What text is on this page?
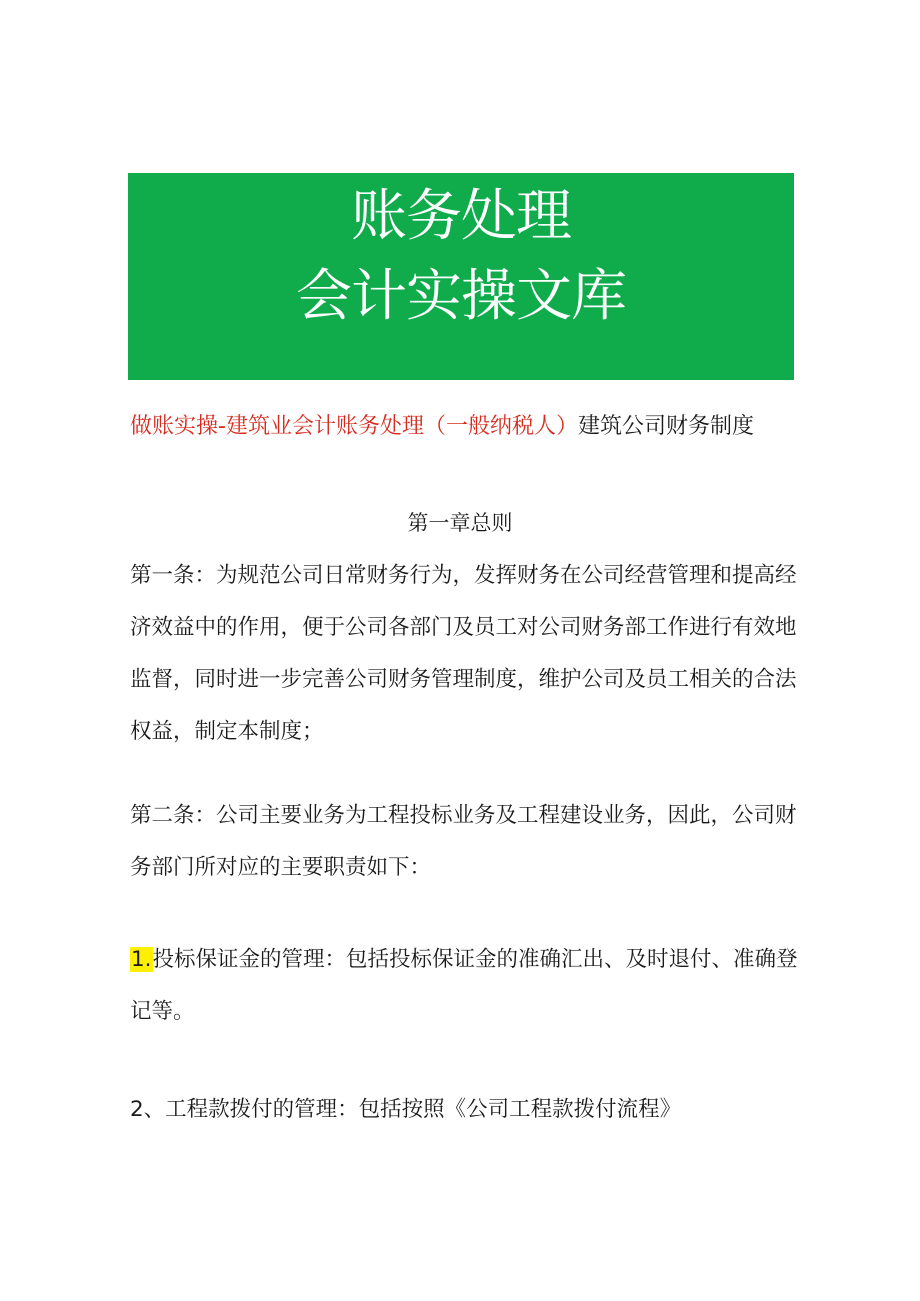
账务处理
会计实操文库
做账实操-建筑业会计账务处理（一般纳税人）建筑公司财务制度
第一章总则
第一条：为规范公司日常财务行为，发挥财务在公司经营管理和提高经
济效益中的作用，便于公司各部门及员工对公司财务部工作进行有效地
监督，同时进一步完善公司财务管理制度，维护公司及员工相关的合法
权益，制定本制度；
第二条：公司主要业务为工程投标业务及工程建设业务，因此，公司财
务部门所对应的主要职责如下：
1.投标保证金的管理：包括投标保证金的准确汇出、及时退付、准确登
记等。
2、工程款拨付的管理：包括按照《公司工程款拨付流程》
